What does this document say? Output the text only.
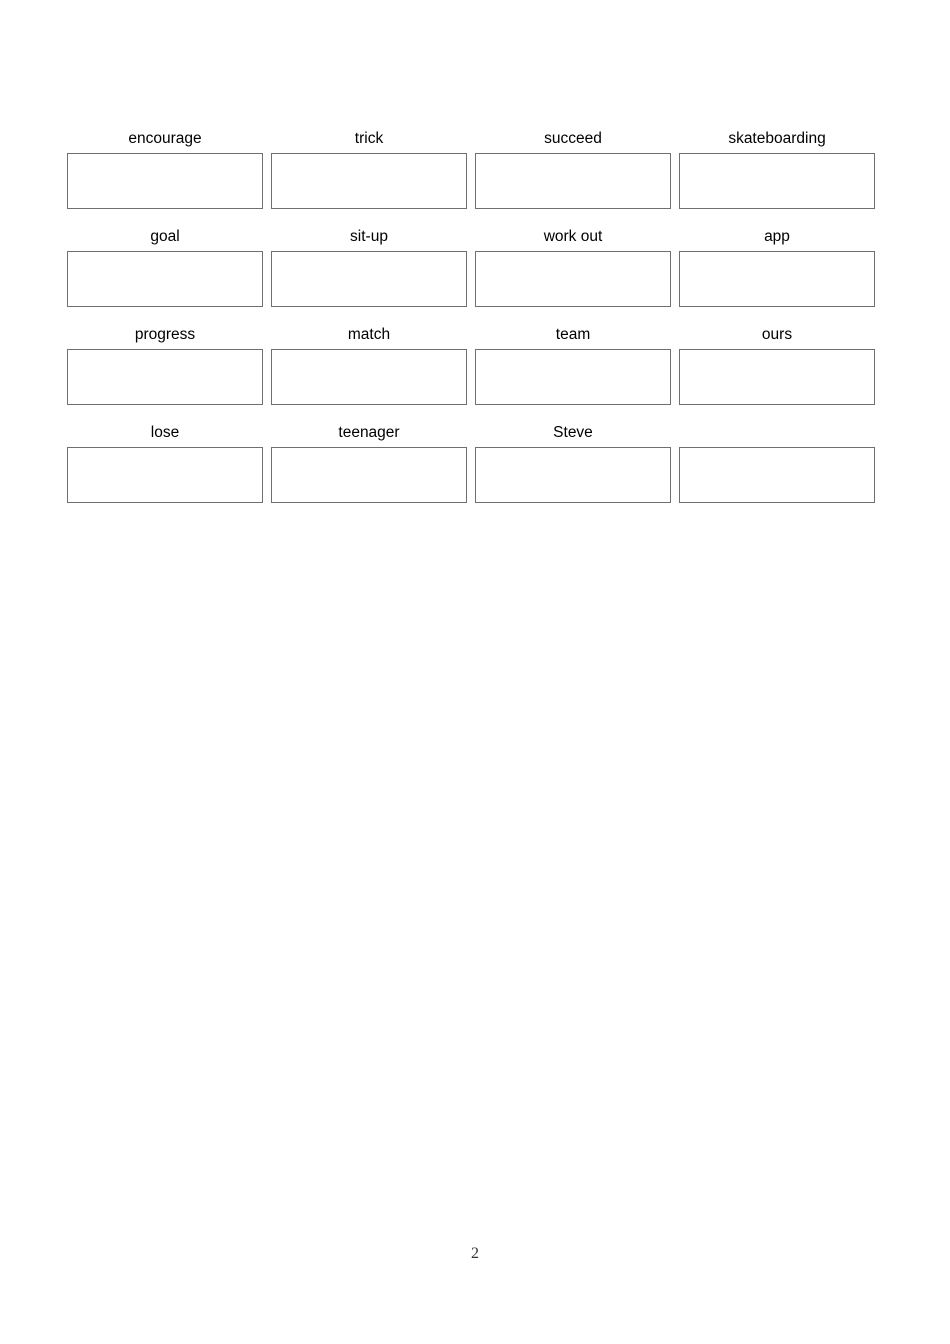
encourage	trick	succeed	skateboarding
goal	sit-up	work out	app
progress	match	team	ours
lose	teenager	Steve
2
